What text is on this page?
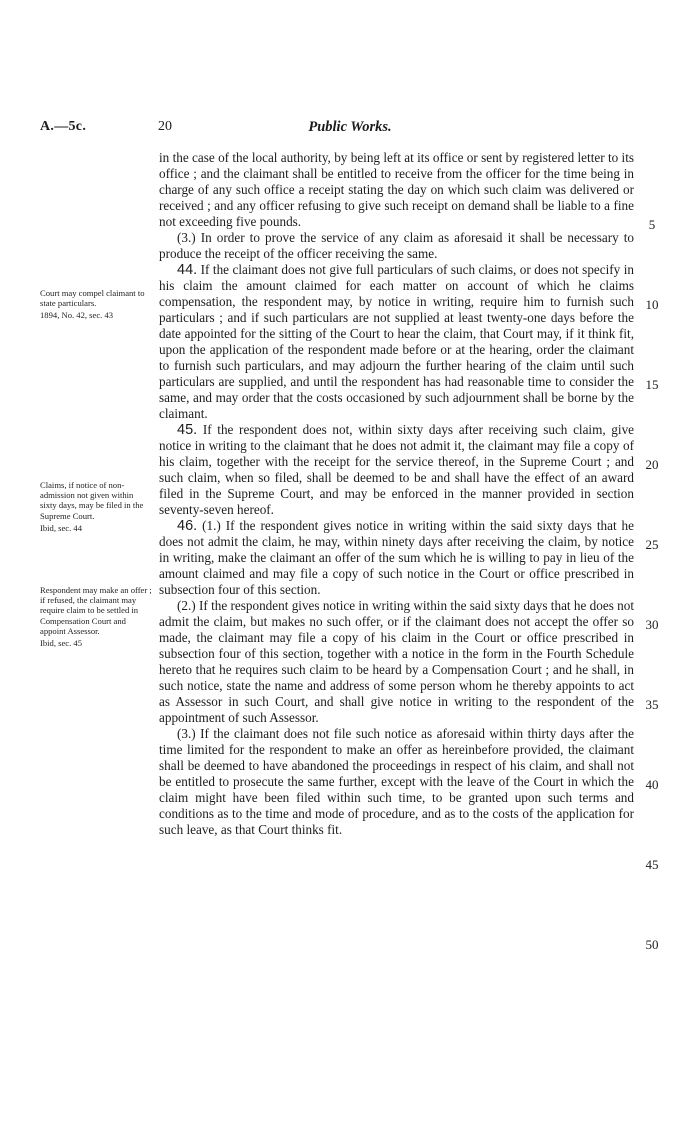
A.—5c.	20	Public Works.
Court may compel claimant to state particulars.
1894, No. 42, sec. 43
Claims, if notice of non-admission not given within sixty days, may be filed in the Supreme Court.
Ibid, sec. 44
Respondent may make an offer ; if refused, the claimant may require claim to be settled in Compensation Court and appoint Assessor.
Ibid, sec. 45

in the case of the local authority, by being left at its office or sent by registered letter to its office ; and the claimant shall be entitled to receive from the officer for the time being in charge of any such office a receipt stating the day on which such claim was delivered or received ; and any officer refusing to give such receipt on demand shall be liable to a fine not exceeding five pounds.

(3.) In order to prove the service of any claim as aforesaid it shall be necessary to produce the receipt of the officer receiving the same.

44. If the claimant does not give full particulars of such claims, or does not specify in his claim the amount claimed for each matter on account of which he claims compensation, the respondent may, by notice in writing, require him to furnish such particulars ; and if such particulars are not supplied at least twenty-one days before the date appointed for the sitting of the Court to hear the claim, that Court may, if it think fit, upon the application of the respondent made before or at the hearing, order the claimant to furnish such particulars, and may adjourn the further hearing of the claim until such particulars are supplied, and until the respondent has had reasonable time to consider the same, and may order that the costs occasioned by such adjournment shall be borne by the claimant.

45. If the respondent does not, within sixty days after receiving such claim, give notice in writing to the claimant that he does not admit it, the claimant may file a copy of his claim, together with the receipt for the service thereof, in the Supreme Court ; and such claim, when so filed, shall be deemed to be and shall have the effect of an award filed in the Supreme Court, and may be enforced in the manner provided in section seventy-seven hereof.

46. (1.) If the respondent gives notice in writing within the said sixty days that he does not admit the claim, he may, within ninety days after receiving the claim, by notice in writing, make the claimant an offer of the sum which he is willing to pay in lieu of the amount claimed and may file a copy of such notice in the Court or office prescribed in subsection four of this section.

(2.) If the respondent gives notice in writing within the said sixty days that he does not admit the claim, but makes no such offer, or if the claimant does not accept the offer so made, the claimant may file a copy of his claim in the Court or office prescribed in subsection four of this section, together with a notice in the form in the Fourth Schedule hereto that he requires such claim to be heard by a Compensation Court ; and he shall, in such notice, state the name and address of some person whom he thereby appoints to act as Assessor in such Court, and shall give notice in writing to the respondent of the appointment of such Assessor.

(3.) If the claimant does not file such notice as aforesaid within thirty days after the time limited for the respondent to make an offer as hereinbefore provided, the claimant shall be deemed to have abandoned the proceedings in respect of his claim, and shall not be entitled to prosecute the same further, except with the leave of the Court in which the claim might have been filed within such time, to be granted upon such terms and conditions as to the time and mode of procedure, and as to the costs of the application for such leave, as that Court thinks fit.

5
10
15
20
25
30
35
40
45
50
